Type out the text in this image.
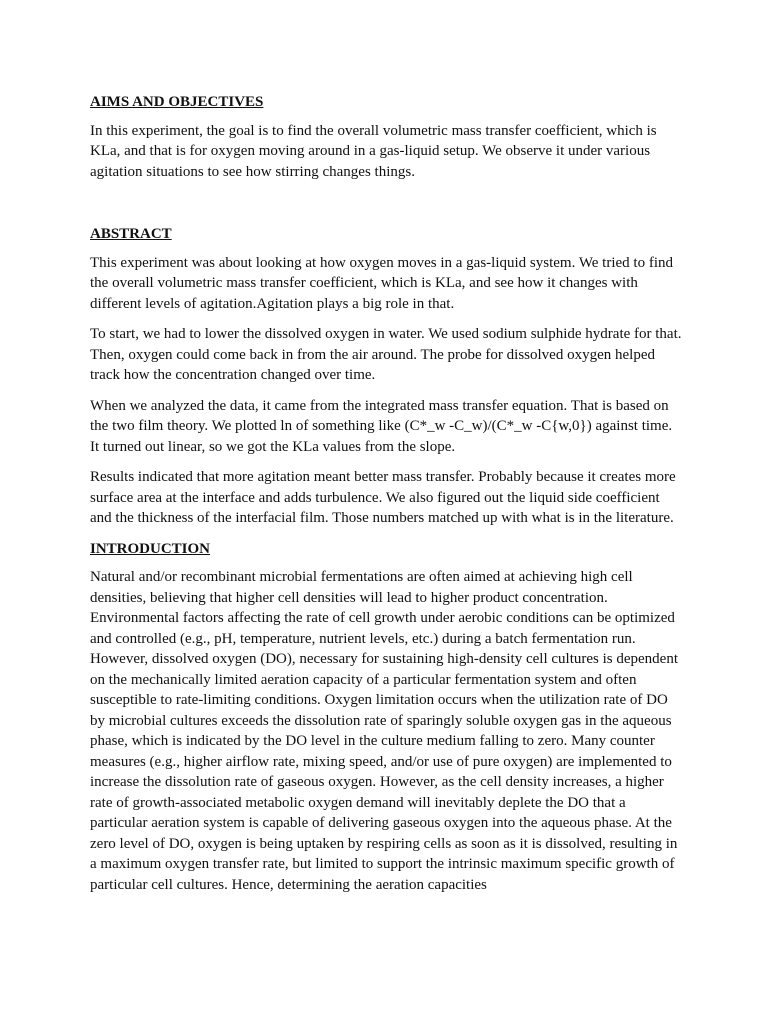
AIMS AND OBJECTIVES

In this experiment, the goal is to find the overall volumetric mass transfer coefficient, which is KLa, and that is for oxygen moving around in a gas-liquid setup. We observe it under various agitation situations to see how stirring changes things.

ABSTRACT

This experiment was about looking at how oxygen moves in a gas-liquid system. We tried to find the overall volumetric mass transfer coefficient, which is KLa, and see how it changes with different levels of agitation.Agitation plays a big role in that.

To start, we had to lower the dissolved oxygen in water. We used sodium sulphide hydrate for that. Then, oxygen could come back in from the air around. The probe for dissolved oxygen helped track how the concentration changed over time.

When we analyzed the data, it came from the integrated mass transfer equation. That is based on the two film theory. We plotted ln of something like (C*_w -C_w)/(C*_w -C{w,0}) against time. It turned out linear, so we got the KLa values from the slope.

Results indicated that more agitation meant better mass transfer. Probably because it creates more surface area at the interface and adds turbulence. We also figured out the liquid side coefficient and the thickness of the interfacial film. Those numbers matched up with what is in the literature.

INTRODUCTION

Natural and/or recombinant microbial fermentations are often aimed at achieving high cell densities, believing that higher cell densities will lead to higher product concentration. Environmental factors affecting the rate of cell growth under aerobic conditions can be optimized and controlled (e.g., pH, temperature, nutrient levels, etc.) during a batch fermentation run. However, dissolved oxygen (DO), necessary for sustaining high-density cell cultures is dependent on the mechanically limited aeration capacity of a particular fermentation system and often susceptible to rate-limiting conditions. Oxygen limitation occurs when the utilization rate of DO by microbial cultures exceeds the dissolution rate of sparingly soluble oxygen gas in the aqueous phase, which is indicated by the DO level in the culture medium falling to zero. Many counter measures (e.g., higher airflow rate, mixing speed, and/or use of pure oxygen) are implemented to increase the dissolution rate of gaseous oxygen. However, as the cell density increases, a higher rate of growth-associated metabolic oxygen demand will inevitably deplete the DO that a particular aeration system is capable of delivering gaseous oxygen into the aqueous phase. At the zero level of DO, oxygen is being uptaken by respiring cells as soon as it is dissolved, resulting in a maximum oxygen transfer rate, but limited to support the intrinsic maximum specific growth of particular cell cultures. Hence, determining the aeration capacities
